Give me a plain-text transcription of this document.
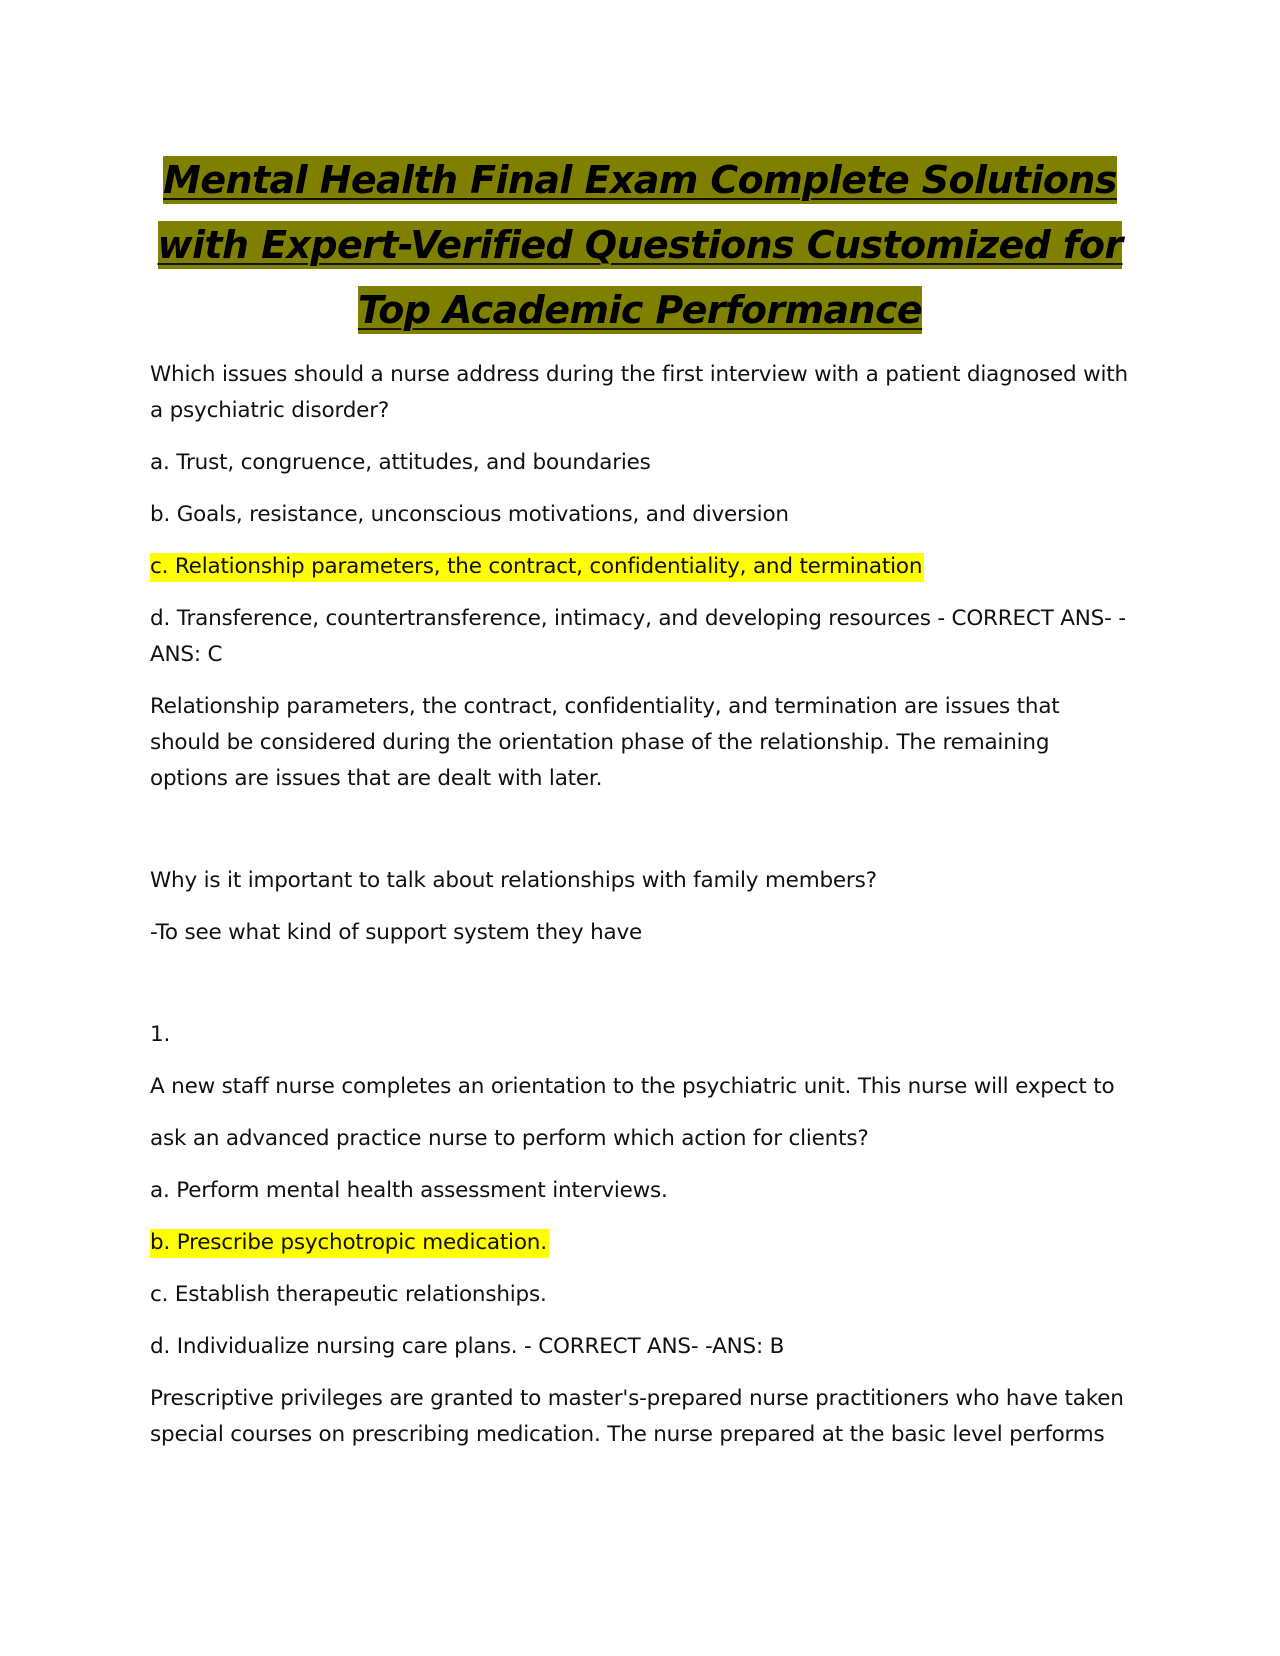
Mental Health Final Exam Complete Solutions
with Expert-Verified Questions Customized for
Top Academic Performance

Which issues should a nurse address during the first interview with a patient diagnosed with a psychiatric disorder?

a. Trust, congruence, attitudes, and boundaries

b. Goals, resistance, unconscious motivations, and diversion

c. Relationship parameters, the contract, confidentiality, and termination

d. Transference, countertransference, intimacy, and developing resources - CORRECT ANS- -ANS: C

Relationship parameters, the contract, confidentiality, and termination are issues that should be considered during the orientation phase of the relationship. The remaining options are issues that are dealt with later.

Why is it important to talk about relationships with family members?

-To see what kind of support system they have

1.

A new staff nurse completes an orientation to the psychiatric unit. This nurse will expect to

ask an advanced practice nurse to perform which action for clients?

a. Perform mental health assessment interviews.

b. Prescribe psychotropic medication.

c. Establish therapeutic relationships.

d. Individualize nursing care plans. - CORRECT ANS- -ANS: B

Prescriptive privileges are granted to master's-prepared nurse practitioners who have taken special courses on prescribing medication. The nurse prepared at the basic level performs
